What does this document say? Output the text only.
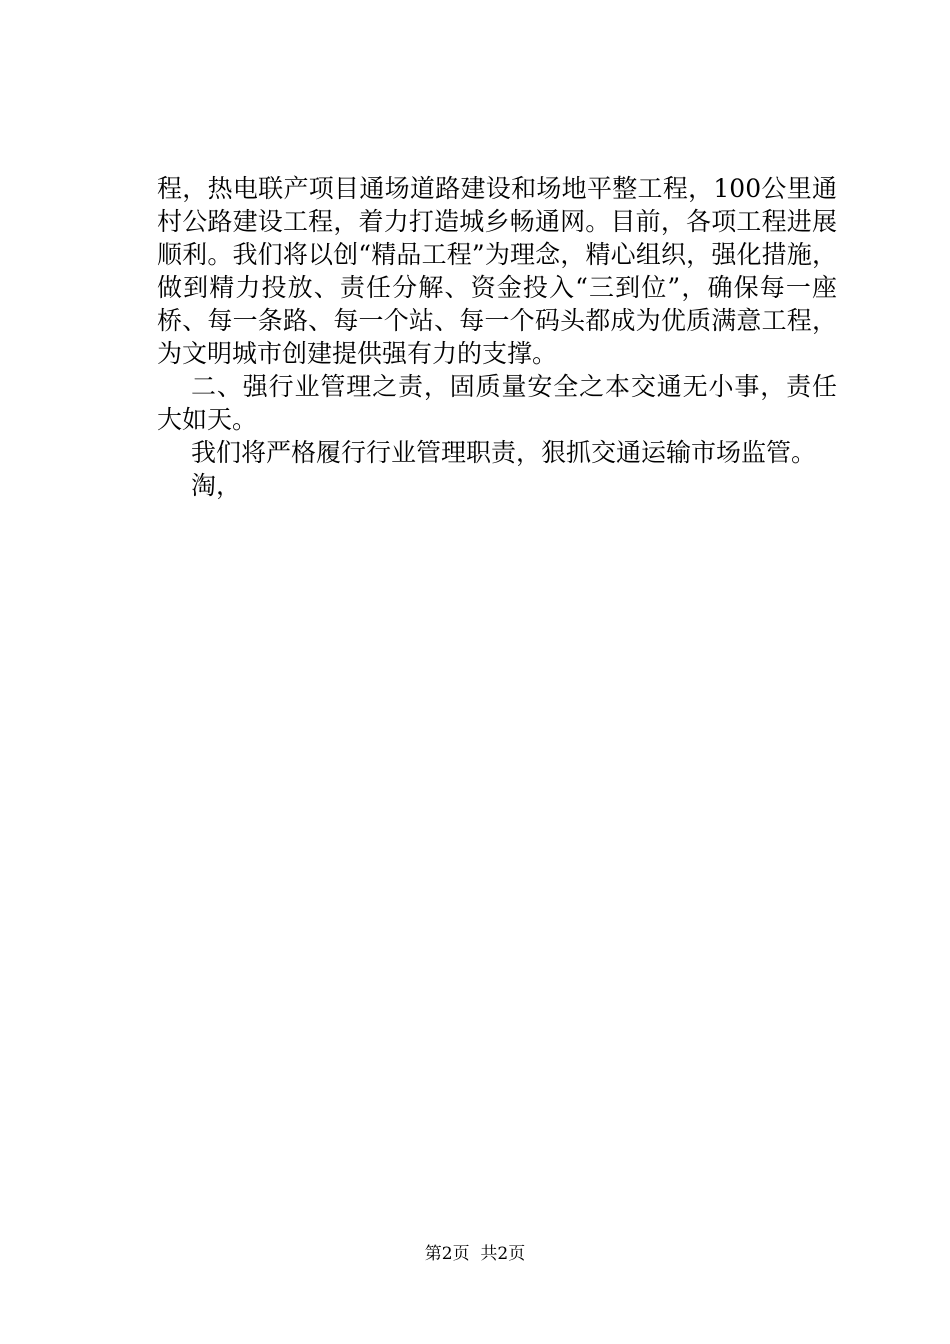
程，热电联产项目通场道路建设和场地平整工程，100公里通
村公路建设工程，着力打造城乡畅通网。目前，各项工程进展
顺利。我们将以创“精品工程”为理念，精心组织，强化措施，
做到精力投放、责任分解、资金投入“三到位”，确保每一座
桥、每一条路、每一个站、每一个码头都成为优质满意工程，
为文明城市创建提供强有力的支撑。
二、强行业管理之责，固质量安全之本交通无小事，责任
大如天。
我们将严格履行行业管理职责，狠抓交通运输市场监管。
淘，
第2页  共2页
